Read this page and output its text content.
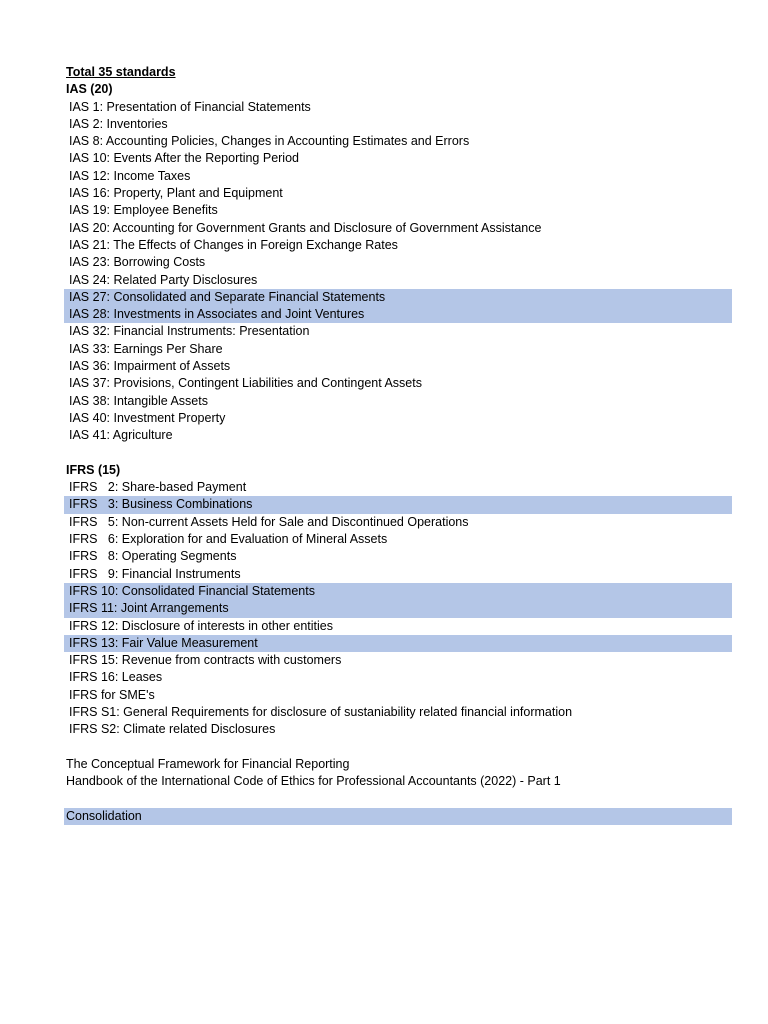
Total 35 standards
IAS (20)
IAS 1: Presentation of Financial Statements
IAS 2: Inventories
IAS 8: Accounting Policies, Changes in Accounting Estimates and Errors
IAS 10: Events After the Reporting Period
IAS 12: Income Taxes
IAS 16: Property, Plant and Equipment
IAS 19: Employee Benefits
IAS 20: Accounting for Government Grants and Disclosure of Government Assistance
IAS 21: The Effects of Changes in Foreign Exchange Rates
IAS 23: Borrowing Costs
IAS 24: Related Party Disclosures
IAS 27: Consolidated and Separate Financial Statements
IAS 28: Investments in Associates and Joint Ventures
IAS 32: Financial Instruments: Presentation
IAS 33: Earnings Per Share
IAS 36: Impairment of Assets
IAS 37: Provisions, Contingent Liabilities and Contingent Assets
IAS 38: Intangible Assets
IAS 40: Investment Property
IAS 41: Agriculture
IFRS (15)
IFRS   2: Share-based Payment
IFRS   3: Business Combinations
IFRS   5: Non-current Assets Held for Sale and Discontinued Operations
IFRS   6: Exploration for and Evaluation of Mineral Assets
IFRS   8: Operating Segments
IFRS   9: Financial Instruments
IFRS 10: Consolidated Financial Statements
IFRS 11: Joint Arrangements
IFRS 12: Disclosure of interests in other entities
IFRS 13: Fair Value Measurement
IFRS 15: Revenue from contracts with customers
IFRS 16: Leases
IFRS for SME's
IFRS S1: General Requirements for disclosure of sustaniability related financial information
IFRS S2: Climate related Disclosures
The Conceptual Framework for Financial Reporting
Handbook of the International Code of Ethics for Professional Accountants (2022) - Part 1
Consolidation
